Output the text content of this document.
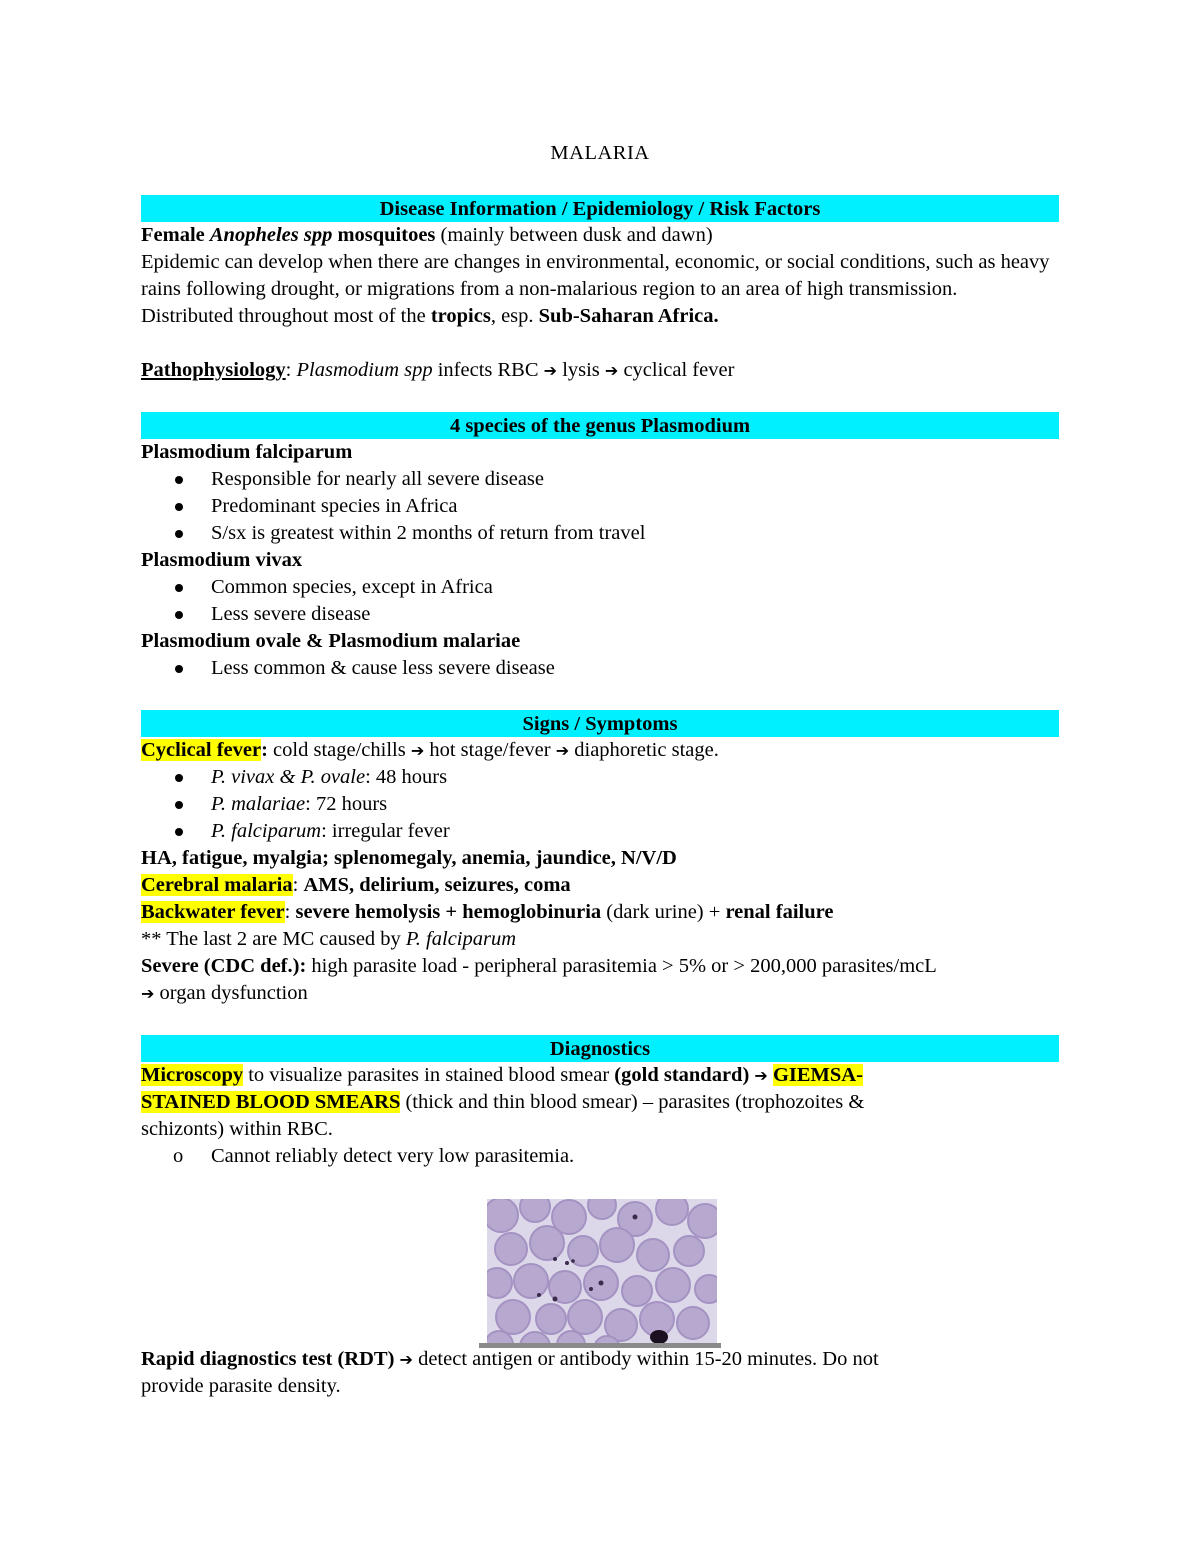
MALARIA
Disease Information / Epidemiology / Risk Factors
Female Anopheles spp mosquitoes (mainly between dusk and dawn)
Epidemic can develop when there are changes in environmental, economic, or social conditions, such as heavy rains following drought, or migrations from a non-malarious region to an area of high transmission.
Distributed throughout most of the tropics, esp. Sub-Saharan Africa.
Pathophysiology: Plasmodium spp infects RBC ➔ lysis ➔ cyclical fever
4 species of the genus Plasmodium
Plasmodium falciparum
Responsible for nearly all severe disease
Predominant species in Africa
S/sx is greatest within 2 months of return from travel
Plasmodium vivax
Common species, except in Africa
Less severe disease
Plasmodium ovale & Plasmodium malariae
Less common & cause less severe disease
Signs / Symptoms
Cyclical fever: cold stage/chills ➔ hot stage/fever ➔ diaphoretic stage.
P. vivax & P. ovale: 48 hours
P. malariae: 72 hours
P. falciparum: irregular fever
HA, fatigue, myalgia; splenomegaly, anemia, jaundice, N/V/D
Cerebral malaria: AMS, delirium, seizures, coma
Backwater fever: severe hemolysis + hemoglobinuria (dark urine) + renal failure
** The last 2 are MC caused by P. falciparum
Severe (CDC def.): high parasite load - peripheral parasitemia > 5% or > 200,000 parasites/mcL
➔ organ dysfunction
Diagnostics
Microscopy to visualize parasites in stained blood smear (gold standard) ➔ GIEMSA-
STAINED BLOOD SMEARS (thick and thin blood smear) – parasites (trophozoites &
schizonts) within RBC.
o Cannot reliably detect very low parasitemia.
Rapid diagnostics test (RDT) ➔ detect antigen or antibody within 15-20 minutes. Do not
provide parasite density.
